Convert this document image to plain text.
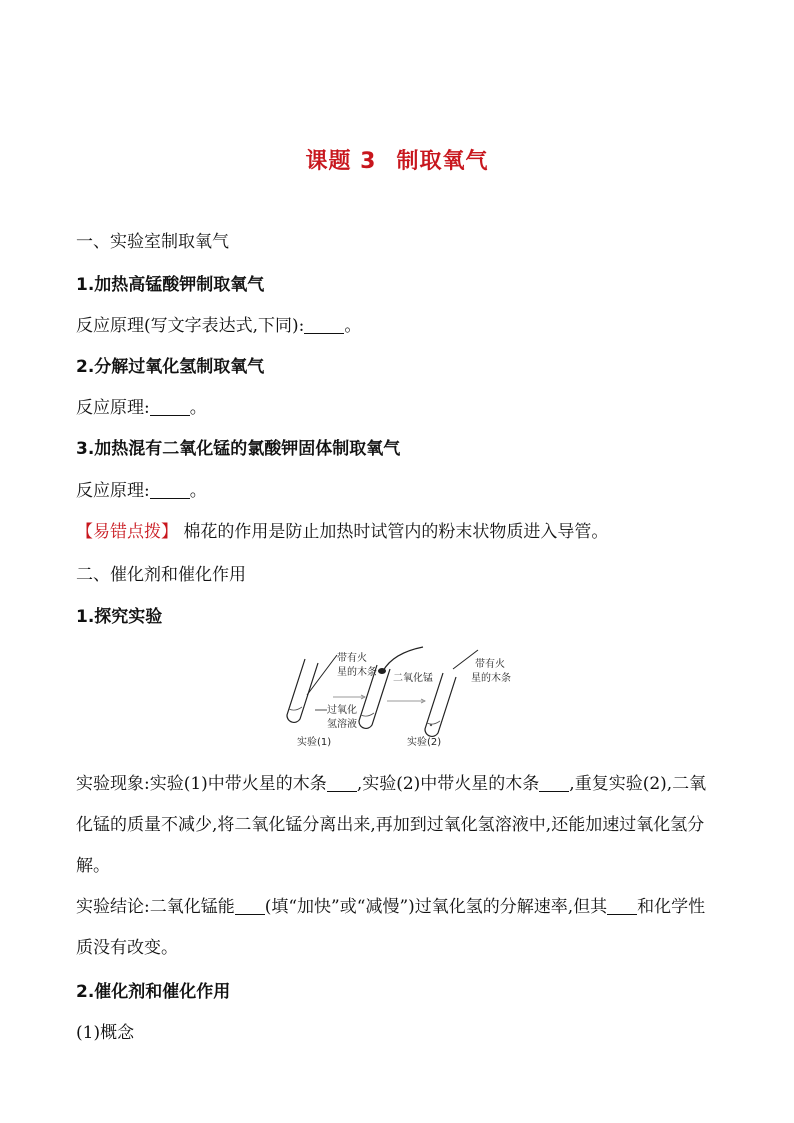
课题 3 制取氧气
一、实验室制取氧气
1.加热高锰酸钾制取氧气
反应原理(写文字表达式,下同): 。
2.分解过氧化氢制取氧气
反应原理: 。
3.加热混有二氧化锰的氯酸钾固体制取氧气
反应原理: 。
【易错点拨】 棉花的作用是防止加热时试管内的粉末状物质进入导管。
二、催化剂和催化作用
1.探究实验
带有火
星的木条
过氧化
氢溶液
实验(1)
二氧化锰
带有火
星的木条
实验(2)
实验现象:实验(1)中带火星的木条 ,实验(2)中带火星的木条 ,重复实验(2),二氧化锰的质量不减少,将二氧化锰分离出来,再加到过氧化氢溶液中,还能加速过氧化氢分解。
实验结论:二氧化锰能 (填“加快”或“减慢”)过氧化氢的分解速率,但其 和化学性质没有改变。
2.催化剂和催化作用
(1)概念
